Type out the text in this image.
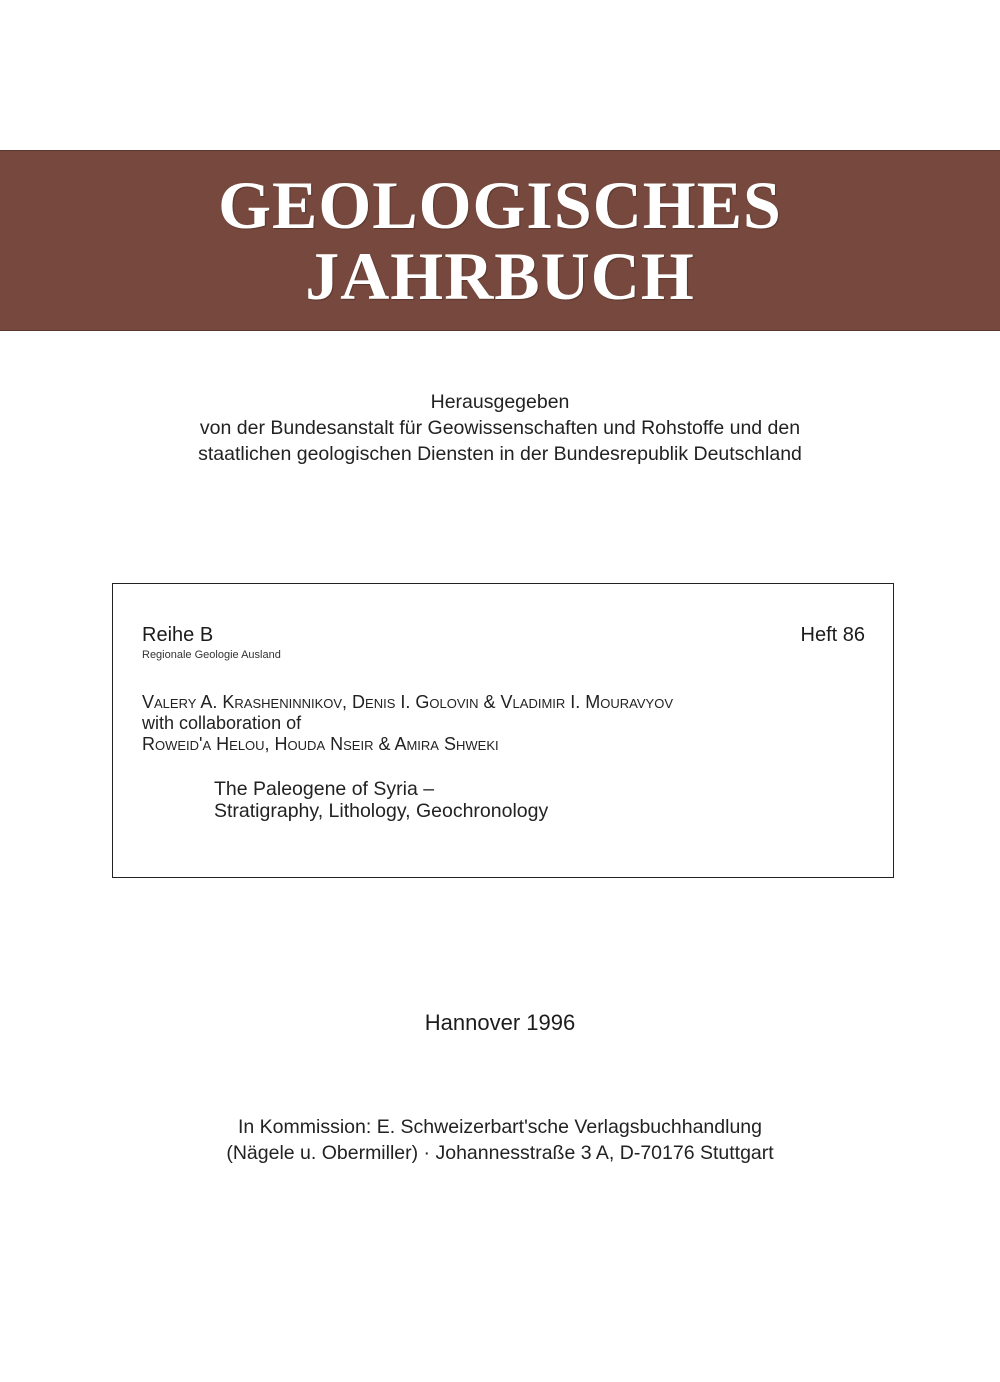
GEOLOGISCHES
JAHRBUCH
Herausgegeben
von der Bundesanstalt für Geowissenschaften und Rohstoffe und den
staatlichen geologischen Diensten in der Bundesrepublik Deutschland
Reihe B
Regionale Geologie Ausland
Heft 86
Valery A. Krasheninnikov, Denis I. Golovin & Vladimir I. Mouravyov
with collaboration of
Roweid'a Helou, Houda Nseir & Amira Shweki
The Paleogene of Syria –
Stratigraphy, Lithology, Geochronology
Hannover 1996
In Kommission: E. Schweizerbart'sche Verlagsbuchhandlung
(Nägele u. Obermiller) · Johannesstraße 3 A, D-70176 Stuttgart
